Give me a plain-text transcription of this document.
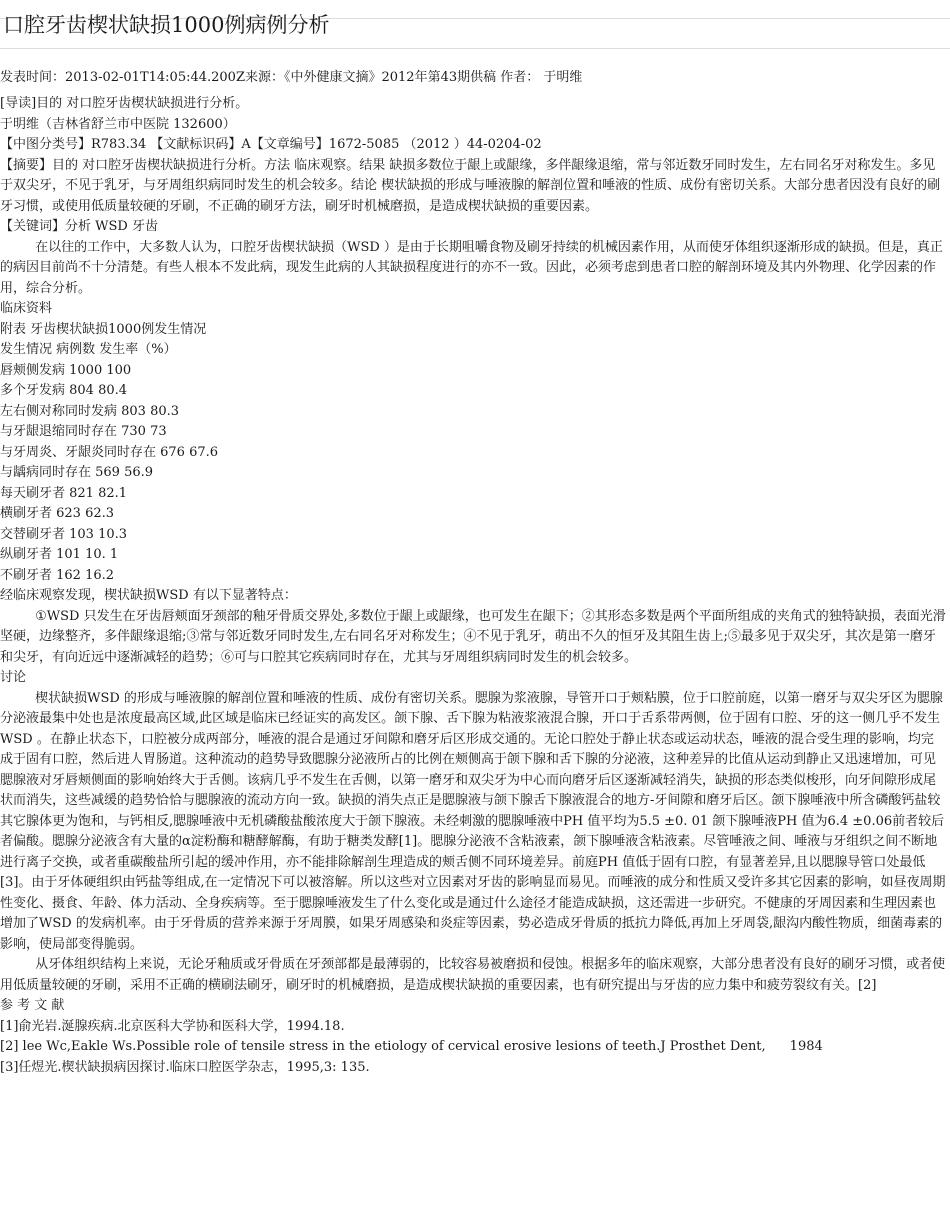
口腔牙齿楔状缺损1000例病例分析
发表时间：2013-02-01T14:05:44.200Z来源：《中外健康文摘》2012年第43期供稿 作者： 于明维

[导读]目的 对口腔牙齿楔状缺损进行分析。

于明维（吉林省舒兰市中医院 132600）

【中图分类号】R783.34 【文献标识码】A【文章编号】1672-5085 （2012 ）44-0204-02

【摘要】目的 对口腔牙齿楔状缺损进行分析。方法 临床观察。结果 缺损多数位于龈上或龈缘，多伴龈缘退缩，常与邻近数牙同时发生，左右同名牙对称发生。多见于双尖牙，不见于乳牙，与牙周组织病同时发生的机会较多。结论 楔状缺损的形成与唾液腺的解剖位置和唾液的性质、成份有密切关系。大部分患者因没有良好的刷牙习惯，或使用低质量较硬的牙刷，不正确的刷牙方法，刷牙时机械磨损，是造成楔状缺损的重要因素。

【关键词】分析 WSD 牙齿

在以往的工作中，大多数人认为，口腔牙齿楔状缺损（WSD ）是由于长期咀嚼食物及刷牙持续的机械因素作用，从而使牙体组织逐渐形成的缺损。但是，真正的病因目前尚不十分清楚。有些人根本不发此病，现发生此病的人其缺损程度进行的亦不一致。因此，必须考虑到患者口腔的解剖环境及其内外物理、化学因素的作用，综合分析。

临床资料

附表 牙齿楔状缺损1000例发生情况

发生情况 病例数 发生率（%）

唇颊侧发病 1000 100

多个牙发病 804 80.4

左右侧对称同时发病 803 80.3

与牙龈退缩同时存在 730 73

与牙周炎、牙龈炎同时存在 676 67.6

与龋病同时存在 569 56.9

每天刷牙者 821 82.1

横刷牙者 623 62.3

交替刷牙者 103 10.3

纵刷牙者 101 10. 1

不刷牙者 162 16.2

经临床观察发现，楔状缺损WSD 有以下显著特点：

①WSD 只发生在牙齿唇颊面牙颈部的釉牙骨质交界处,多数位于龈上或龈缘，也可发生在龈下；②其形态多数是两个平面所组成的夹角式的独特缺损，表面光滑坚硬，边缘整齐，多伴龈缘退缩;③常与邻近数牙同时发生,左右同名牙对称发生；④不见于乳牙，萌出不久的恒牙及其阻生齿上;⑤最多见于双尖牙，其次是第一磨牙和尖牙，有向近远中逐渐减轻的趋势；⑥可与口腔其它疾病同时存在，尤其与牙周组织病同时发生的机会较多。

讨论

楔状缺损WSD 的形成与唾液腺的解剖位置和唾液的性质、成份有密切关系。腮腺为浆液腺，导管开口于颊粘膜，位于口腔前庭，以第一磨牙与双尖牙区为腮腺分泌液最集中处也是浓度最高区域,此区域是临床已经证实的高发区。颌下腺、舌下腺为粘液浆液混合腺，开口于舌系带两侧，位于固有口腔、牙的这一侧几乎不发生WSD 。在静止状态下，口腔被分成两部分，唾液的混合是通过牙间隙和磨牙后区形成交通的。无论口腔处于静止状态或运动状态，唾液的混合受生理的影响，均完成于固有口腔，然后进人胃肠道。这种流动的趋势导致腮腺分泌液所占的比例在颊侧高于颌下腺和舌下腺的分泌液，这种差异的比值从运动到静止又迅速增加，可见腮腺液对牙唇颊侧面的影响始终大于舌侧。该病几乎不发生在舌侧，以第一磨牙和双尖牙为中心而向磨牙后区逐渐减轻消失，缺损的形态类似梭形，向牙间隙形成尾状而消失，这些减缓的趋势恰恰与腮腺液的流动方向一致。缺损的消失点正是腮腺液与颌下腺舌下腺液混合的地方-牙间隙和磨牙后区。颌下腺唾液中所含磷酸钙盐较其它腺体更为饱和，与钙相反,腮腺唾液中无机磷酸盐酸浓度大于颌下腺液。未经刺激的腮腺唾液中PH 值平均为5.5 ±0. 01 颌下腺唾液PH 值为6.4 ±0.06前者较后者偏酸。腮腺分泌液含有大量的α淀粉酶和糖酵解酶，有助于糖类发酵[1]。腮腺分泌液不含粘液素，颌下腺唾液含粘液素。尽管唾液之间、唾液与牙组织之间不断地进行离子交换，或者重碳酸盐所引起的缓冲作用，亦不能排除解剖生理造成的颊舌侧不同环境差异。前庭PH 值低于固有口腔，有显著差异,且以腮腺导管口处最低[3]。由于牙体硬组织由钙盐等组成,在一定情况下可以被溶解。所以这些对立因素对牙齿的影响显而易见。而唾液的成分和性质又受许多其它因素的影响，如昼夜周期性变化、摄食、年龄、体力活动、全身疾病等。至于腮腺唾液发生了什么变化或是通过什么途径才能造成缺损，这还需进一步研究。不健康的牙周因素和生理因素也增加了WSD 的发病机率。由于牙骨质的营养来源于牙周膜，如果牙周感染和炎症等因素，势必造成牙骨质的抵抗力降低,再加上牙周袋,龈沟内酸性物质，细菌毒素的影响，使局部变得脆弱。

从牙体组织结构上来说，无论牙釉质或牙骨质在牙颈部都是最薄弱的，比较容易被磨损和侵蚀。根据多年的临床观察，大部分患者没有良好的刷牙习惯，或者使用低质量较硬的牙刷，采用不正确的横刷法刷牙，刷牙时的机械磨损，是造成楔状缺损的重要因素，也有研究提出与牙齿的应力集中和疲劳裂纹有关。[2]

参 考 文 献

[1]俞光岩.涎腺疾病.北京医科大学协和医科大学，1994.18.

[2] lee Wc,Eakle Ws.Possible role of tensile stress in the etiology of cervical erosive lesions of teeth.J Prosthet Dent, 1984

[3]任煜光.楔状缺损病因探讨.临床口腔医学杂志，1995,3: 135.
